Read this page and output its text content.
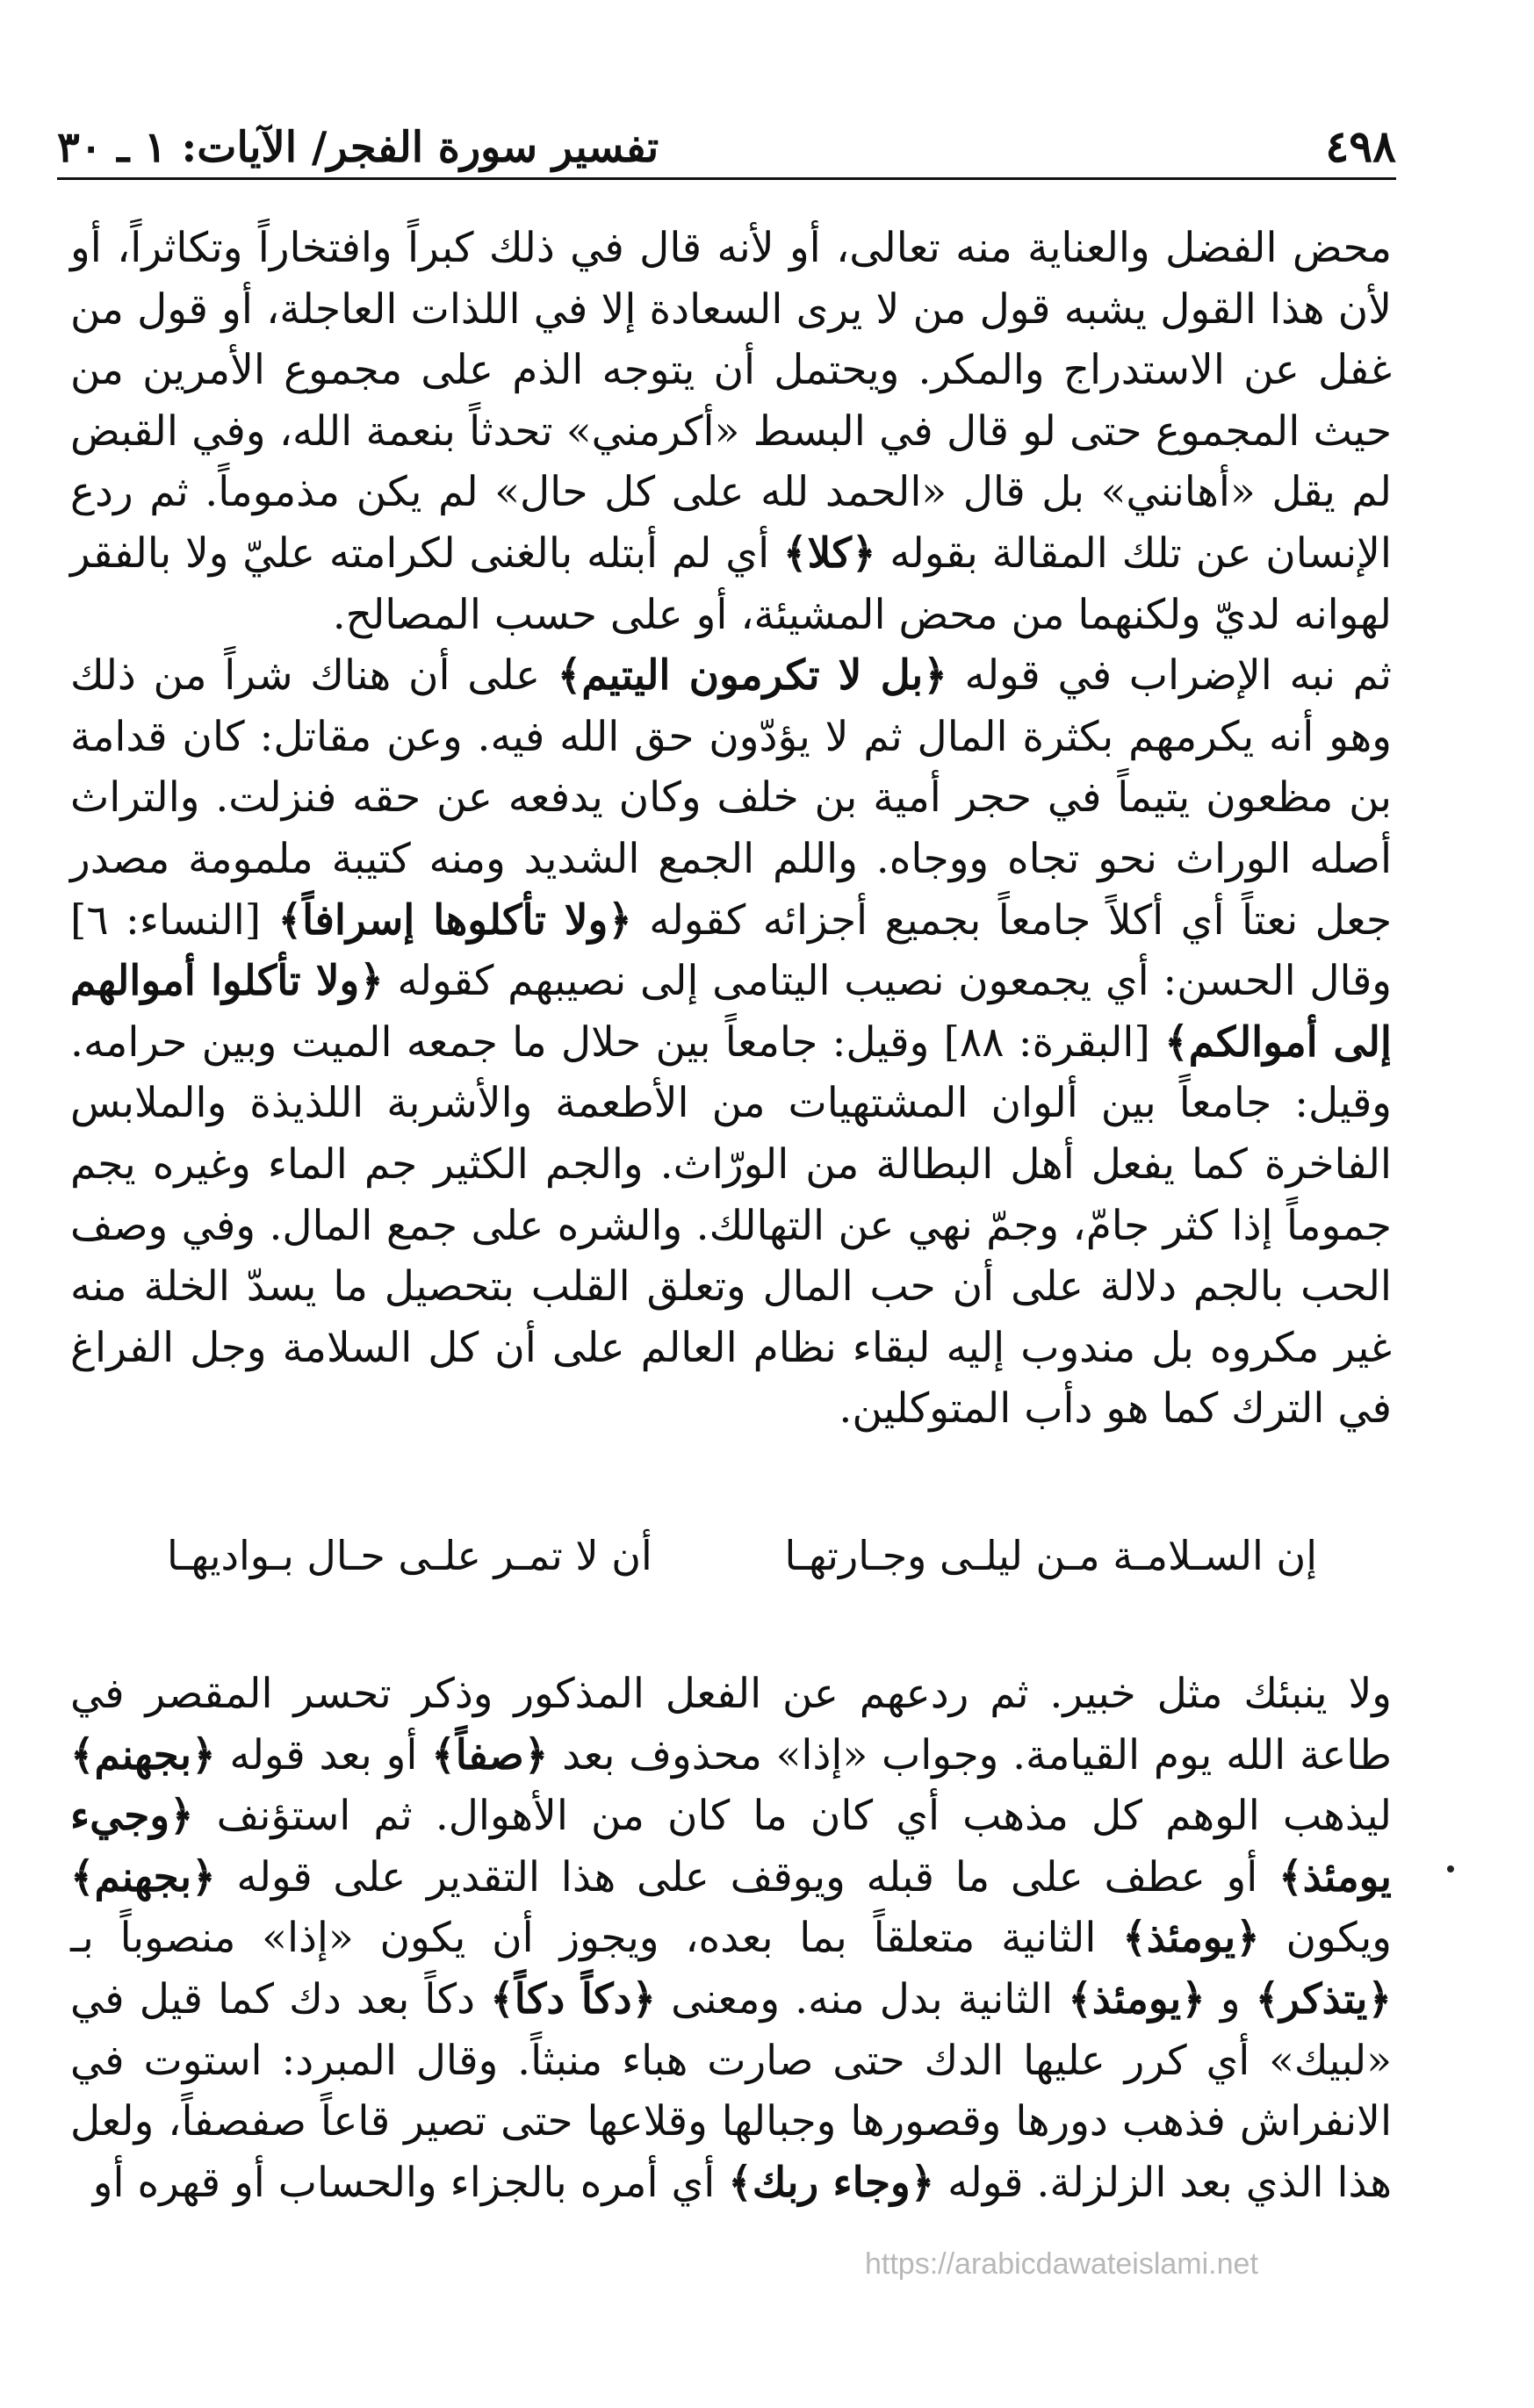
٤٩٨
تفسير سورة الفجر/ الآيات: ١ ـ ٣٠

محض الفضل والعناية منه تعالى، أو لأنه قال في ذلك كبراً وافتخاراً وتكاثراً، أو لأن هذا القول يشبه قول من لا يرى السعادة إلا في اللذات العاجلة، أو قول من غفل عن الاستدراج والمكر. ويحتمل أن يتوجه الذم على مجموع الأمرين من حيث المجموع حتى لو قال في البسط «أكرمني» تحدثاً بنعمة الله، وفي القبض لم يقل «أهانني» بل قال «الحمد لله على كل حال» لم يكن مذموماً. ثم ردع الإنسان عن تلك المقالة بقوله ﴿كلا﴾ أي لم أبتله بالغنى لكرامته عليّ ولا بالفقر لهوانه لديّ ولكنهما من محض المشيئة، أو على حسب المصالح.

ثم نبه الإضراب في قوله ﴿بل لا تكرمون اليتيم﴾ على أن هناك شراً من ذلك وهو أنه يكرمهم بكثرة المال ثم لا يؤدّون حق الله فيه. وعن مقاتل: كان قدامة بن مظعون يتيماً في حجر أمية بن خلف وكان يدفعه عن حقه فنزلت. والتراث أصله الوراث نحو تجاه ووجاه. واللم الجمع الشديد ومنه كتيبة ملمومة مصدر جعل نعتاً أي أكلاً جامعاً بجميع أجزائه كقوله ﴿ولا تأكلوها إسرافاً﴾ [النساء: ٦] وقال الحسن: أي يجمعون نصيب اليتامى إلى نصيبهم كقوله ﴿ولا تأكلوا أموالهم إلى أموالكم﴾ [البقرة: ٨٨] وقيل: جامعاً بين حلال ما جمعه الميت وبين حرامه. وقيل: جامعاً بين ألوان المشتهيات من الأطعمة والأشربة اللذيذة والملابس الفاخرة كما يفعل أهل البطالة من الورّاث. والجم الكثير جم الماء وغيره يجم جموماً إذا كثر جامّ، وجمّ نهي عن التهالك. والشره على جمع المال. وفي وصف الحب بالجم دلالة على أن حب المال وتعلق القلب بتحصيل ما يسدّ الخلة منه غير مكروه بل مندوب إليه لبقاء نظام العالم على أن كل السلامة وجل الفراغ في الترك كما هو دأب المتوكلين.

إن السـلامـة مـن ليلـى وجـارتهـا
أن لا تمـر علـى حـال بـواديهـا

ولا ينبئك مثل خبير. ثم ردعهم عن الفعل المذكور وذكر تحسر المقصر في طاعة الله يوم القيامة. وجواب «إذا» محذوف بعد ﴿صفاً﴾ أو بعد قوله ﴿بجهنم﴾ ليذهب الوهم كل مذهب أي كان ما كان من الأهوال. ثم استؤنف ﴿وجيء يومئذ﴾ أو عطف على ما قبله ويوقف على هذا التقدير على قوله ﴿بجهنم﴾ ويكون ﴿يومئذ﴾ الثانية متعلقاً بما بعده، ويجوز أن يكون «إذا» منصوباً بـ ﴿يتذكر﴾ و ﴿يومئذ﴾ الثانية بدل منه. ومعنى ﴿دكاً دكاً﴾ دكاً بعد دك كما قيل في «لبيك» أي كرر عليها الدك حتى صارت هباء منبثاً. وقال المبرد: استوت في الانفراش فذهب دورها وقصورها وجبالها وقلاعها حتى تصير قاعاً صفصفاً، ولعل هذا الذي بعد الزلزلة. قوله ﴿وجاء ربك﴾ أي أمره بالجزاء والحساب أو قهره أو

https://arabicdawateislami.net
